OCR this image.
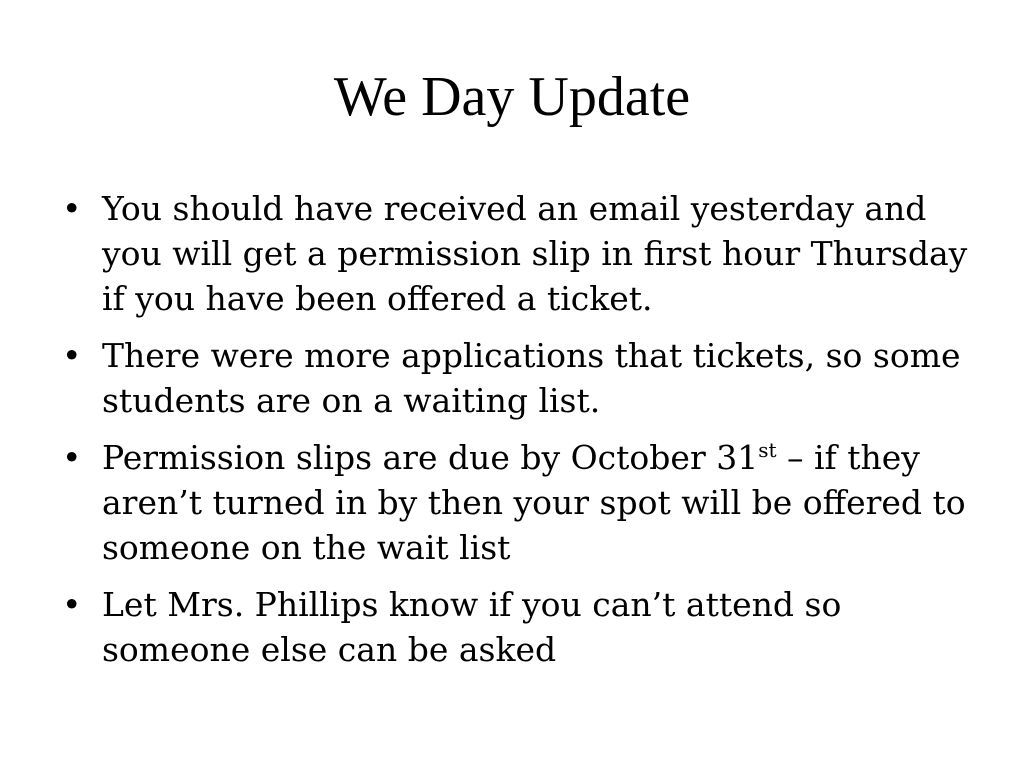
We Day Update
• You should have received an email yesterday and you will get a permission slip in first hour Thursday if you have been offered a ticket.
• There were more applications that tickets, so some students are on a waiting list.
• Permission slips are due by October 31st – if they aren’t turned in by then your spot will be offered to someone on the wait list
• Let Mrs. Phillips know if you can’t attend so someone else can be asked
